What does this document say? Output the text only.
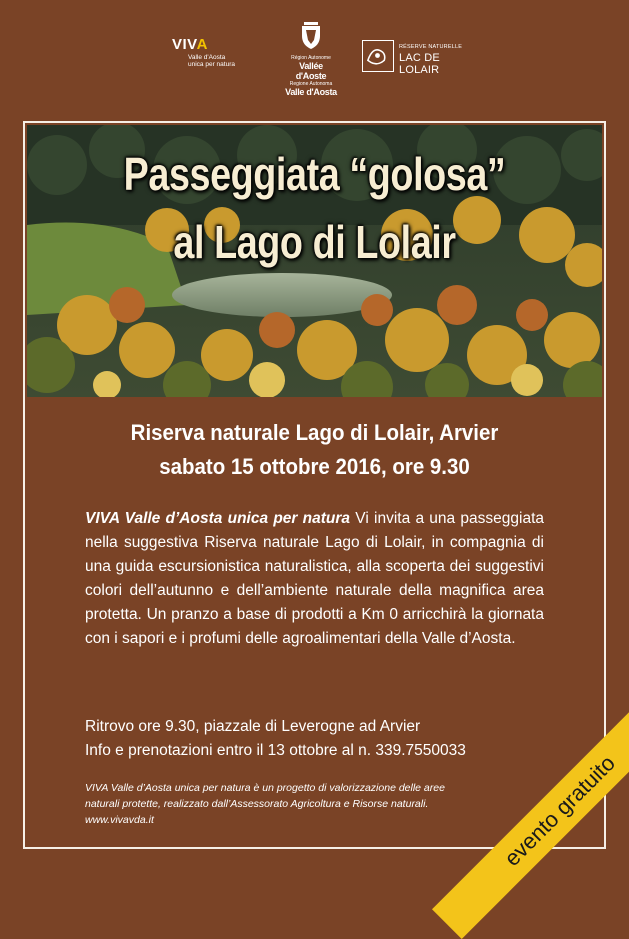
VIVA
Valle d'Aosta
unica per natura
Région Autonome
Vallée d'Aoste
Regione Autonoma
Valle d'Aosta
RÉSERVE NATURELLE
LAC DE LOLAIR
Passeggiata “golosa”
al Lago di Lolair
Riserva naturale Lago di Lolair, Arvier
sabato 15 ottobre 2016, ore 9.30
VIVA Valle d’Aosta unica per natura Vi invita a una passeggiata nella suggestiva Riserva naturale Lago di Lolair, in compagnia di una guida escursionistica naturalistica, alla scoperta dei suggestivi colori dell’autunno e dell’ambiente naturale della magnifica area protetta. Un pranzo a base di prodotti a Km 0 arricchirà la giornata con i sapori e i profumi delle agroalimentari della Valle d’Aosta.
Ritrovo ore 9.30, piazzale di Leverogne ad Arvier
Info e prenotazioni entro il 13 ottobre al n. 339.7550033
VIVA Valle d’Aosta unica per natura è un progetto di valorizzazione delle aree naturali protette, realizzato dall’Assessorato Agricoltura e Risorse naturali.
www.vivavda.it	evento gratuito
